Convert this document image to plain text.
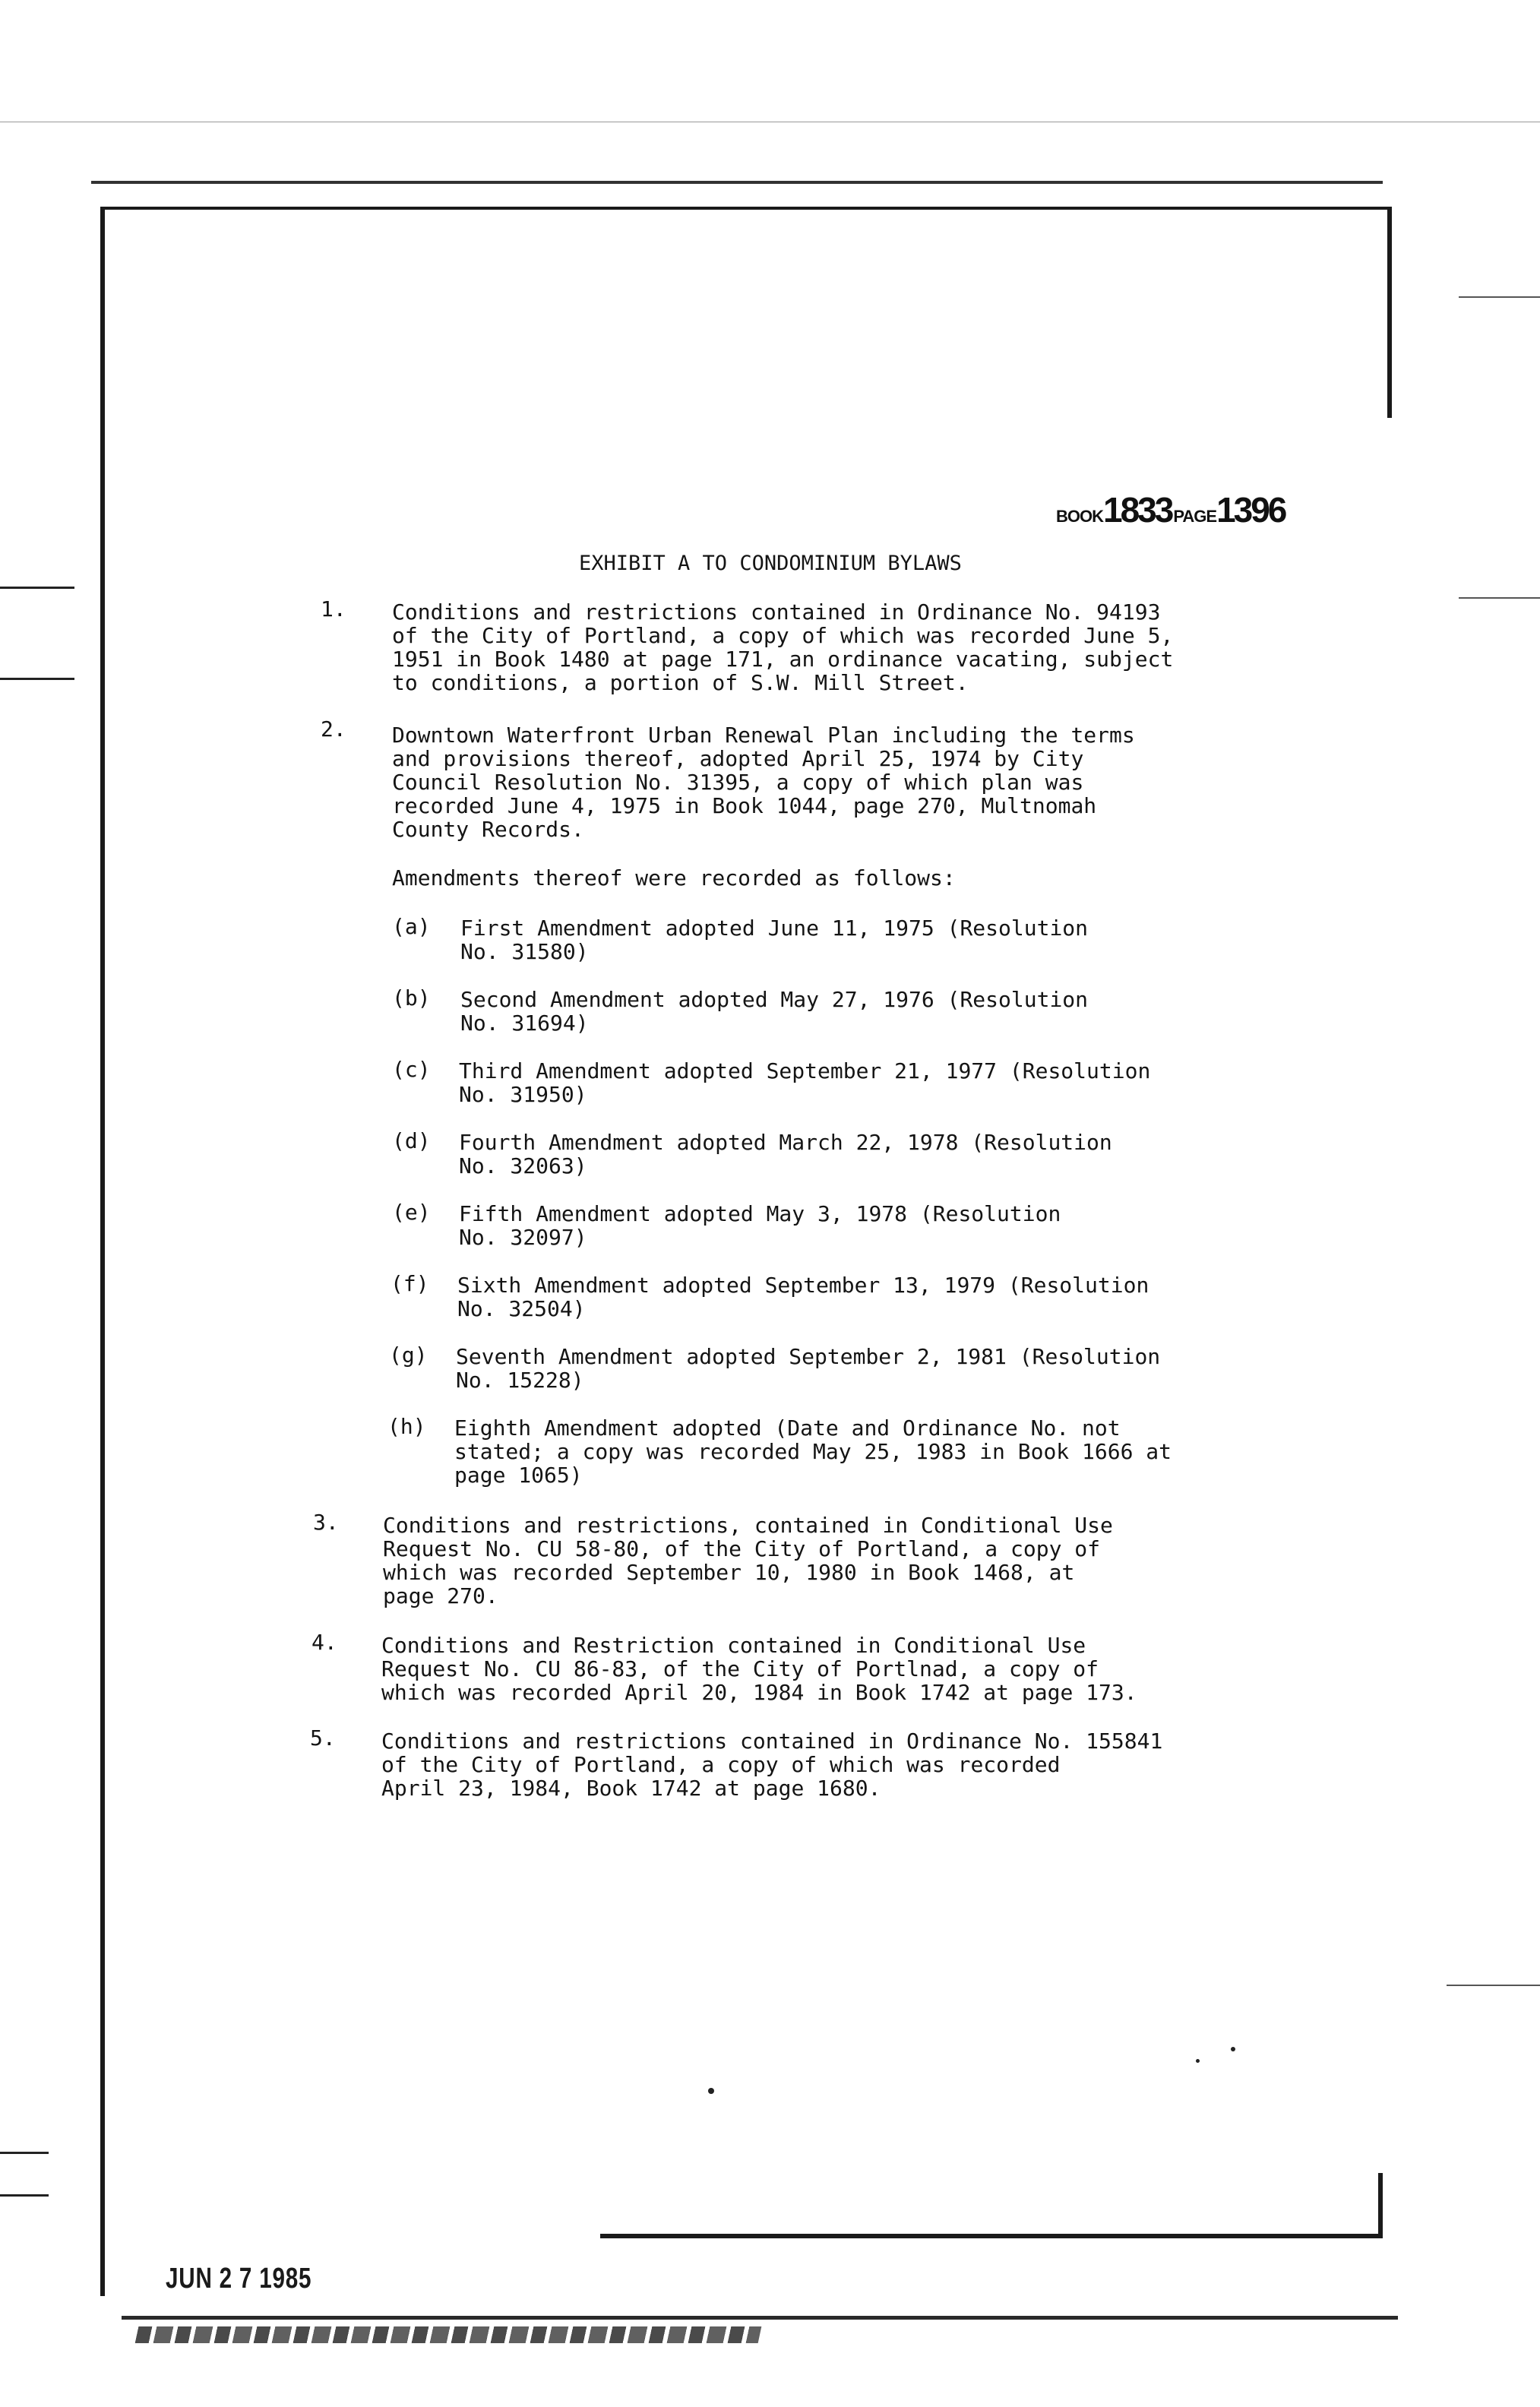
BOOK1833PAGE1396
EXHIBIT A TO CONDOMINIUM BYLAWS
1. Conditions and restrictions contained in Ordinance No. 94193
of the City of Portland, a copy of which was recorded June 5,
1951 in Book 1480 at page 171, an ordinance vacating, subject
to conditions, a portion of S.W. Mill Street.
2. Downtown Waterfront Urban Renewal Plan including the terms
and provisions thereof, adopted April 25, 1974 by City
Council Resolution No. 31395, a copy of which plan was
recorded June 4, 1975 in Book 1044, page 270, Multnomah
County Records.
Amendments thereof were recorded as follows:
(a) First Amendment adopted June 11, 1975 (Resolution
No. 31580)
(b) Second Amendment adopted May 27, 1976 (Resolution
No. 31694)
(c) Third Amendment adopted September 21, 1977 (Resolution
No. 31950)
(d) Fourth Amendment adopted March 22, 1978 (Resolution
No. 32063)
(e) Fifth Amendment adopted May 3, 1978 (Resolution
No. 32097)
(f) Sixth Amendment adopted September 13, 1979 (Resolution
No. 32504)
(g) Seventh Amendment adopted September 2, 1981 (Resolution
No. 15228)
(h) Eighth Amendment adopted (Date and Ordinance No. not
stated; a copy was recorded May 25, 1983 in Book 1666 at
page 1065)
3. Conditions and restrictions, contained in Conditional Use
Request No. CU 58-80, of the City of Portland, a copy of
which was recorded September 10, 1980 in Book 1468, at
page 270.
4. Conditions and Restriction contained in Conditional Use
Request No. CU 86-83, of the City of Portlnad, a copy of
which was recorded April 20, 1984 in Book 1742 at page 173.
5. Conditions and restrictions contained in Ordinance No. 155841
of the City of Portland, a copy of which was recorded
April 23, 1984, Book 1742 at page 1680.
JUN 2 7 1985
